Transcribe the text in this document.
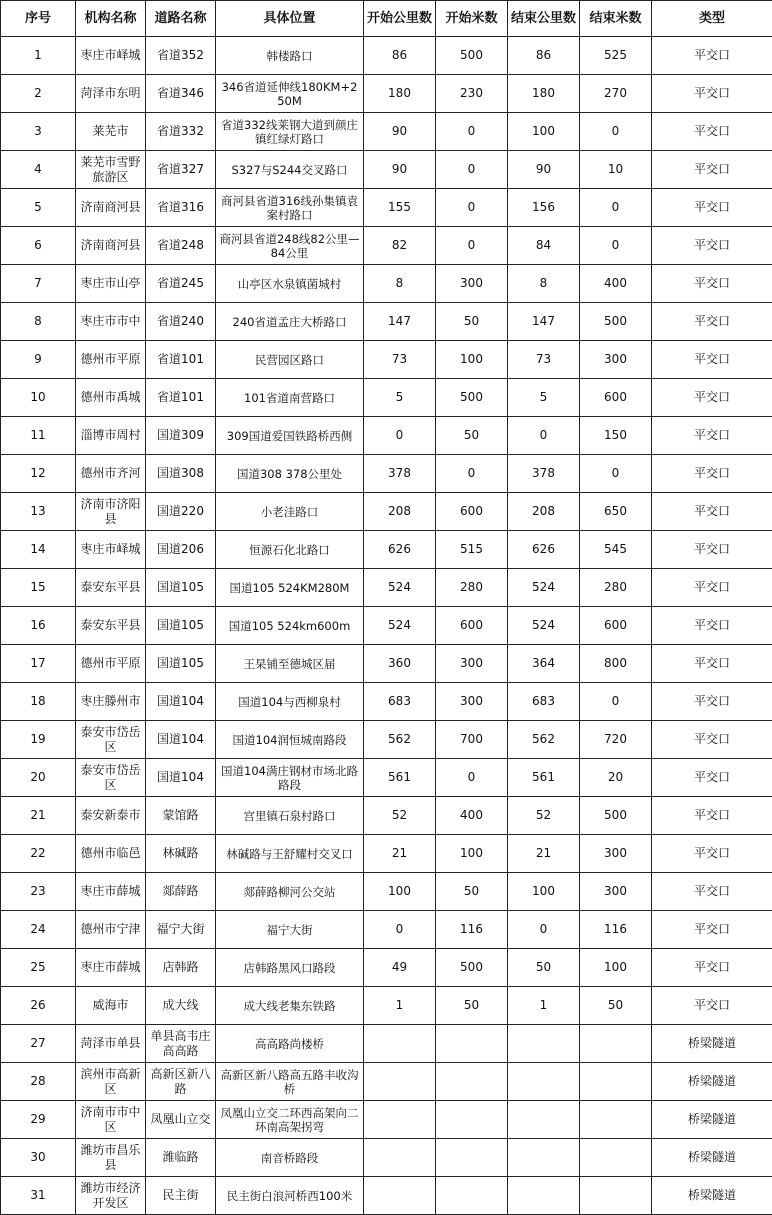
序号	机构名称	道路名称	具体位置	开始公里数	开始米数	结束公里数	结束米数	类型
1	枣庄市峄城	省道352	韩楼路口	86	500	86	525	平交口
2	菏泽市东明	省道346	346省道延伸线180KM+250M	180	230	180	270	平交口
3	莱芜市	省道332	省道332线莱钢大道到颜庄镇红绿灯路口	90	0	100	0	平交口
4	莱芜市雪野旅游区	省道327	S327与S244交叉路口	90	0	90	10	平交口
5	济南商河县	省道316	商河县省道316线孙集镇袁案村路口	155	0	156	0	平交口
6	济南商河县	省道248	商河县省道248线82公里—84公里	82	0	84	0	平交口
7	枣庄市山亭	省道245	山亭区水泉镇菌城村	8	300	8	400	平交口
8	枣庄市市中	省道240	240省道孟庄大桥路口	147	50	147	500	平交口
9	德州市平原	省道101	民营园区路口	73	100	73	300	平交口
10	德州市禹城	省道101	101省道南营路口	5	500	5	600	平交口
11	淄博市周村	国道309	309国道爱国铁路桥西侧	0	50	0	150	平交口
12	德州市齐河	国道308	国道308 378公里处	378	0	378	0	平交口
13	济南市济阳县	国道220	小老洼路口	208	600	208	650	平交口
14	枣庄市峄城	国道206	恒源石化北路口	626	515	626	545	平交口
15	泰安东平县	国道105	国道105 524KM280M	524	280	524	280	平交口
16	泰安东平县	国道105	国道105 524km600m	524	600	524	600	平交口
17	德州市平原	国道105	王杲铺至德城区届	360	300	364	800	平交口
18	枣庄滕州市	国道104	国道104与西柳泉村	683	300	683	0	平交口
19	泰安市岱岳区	国道104	国道104润恒城南路段	562	700	562	720	平交口
20	泰安市岱岳区	国道104	国道104满庄钢材市场北路路段	561	0	561	20	平交口
21	泰安新泰市	蒙馆路	宫里镇石泉村路口	52	400	52	500	平交口
22	德州市临邑	林碱路	林碱路与王舒耀村交叉口	21	100	21	300	平交口
23	枣庄市薛城	郯薛路	郯薛路柳河公交站	100	50	100	300	平交口
24	德州市宁津	福宁大街	福宁大街	0	116	0	116	平交口
25	枣庄市薛城	店韩路	店韩路黑风口路段	49	500	50	100	平交口
26	威海市	成大线	成大线老集东铁路	1	50	1	50	平交口
27	菏泽市单县	单县高韦庄高高路	高高路尚楼桥					桥梁隧道
28	滨州市高新区	高新区新八路	高新区新八路高五路丰收沟桥					桥梁隧道
29	济南市市中区	凤凰山立交	凤凰山立交二环西高架向二环南高架拐弯					桥梁隧道
30	潍坊市昌乐县	潍临路	南音桥路段					桥梁隧道
31	潍坊市经济开发区	民主街	民主街白浪河桥西100米					桥梁隧道
